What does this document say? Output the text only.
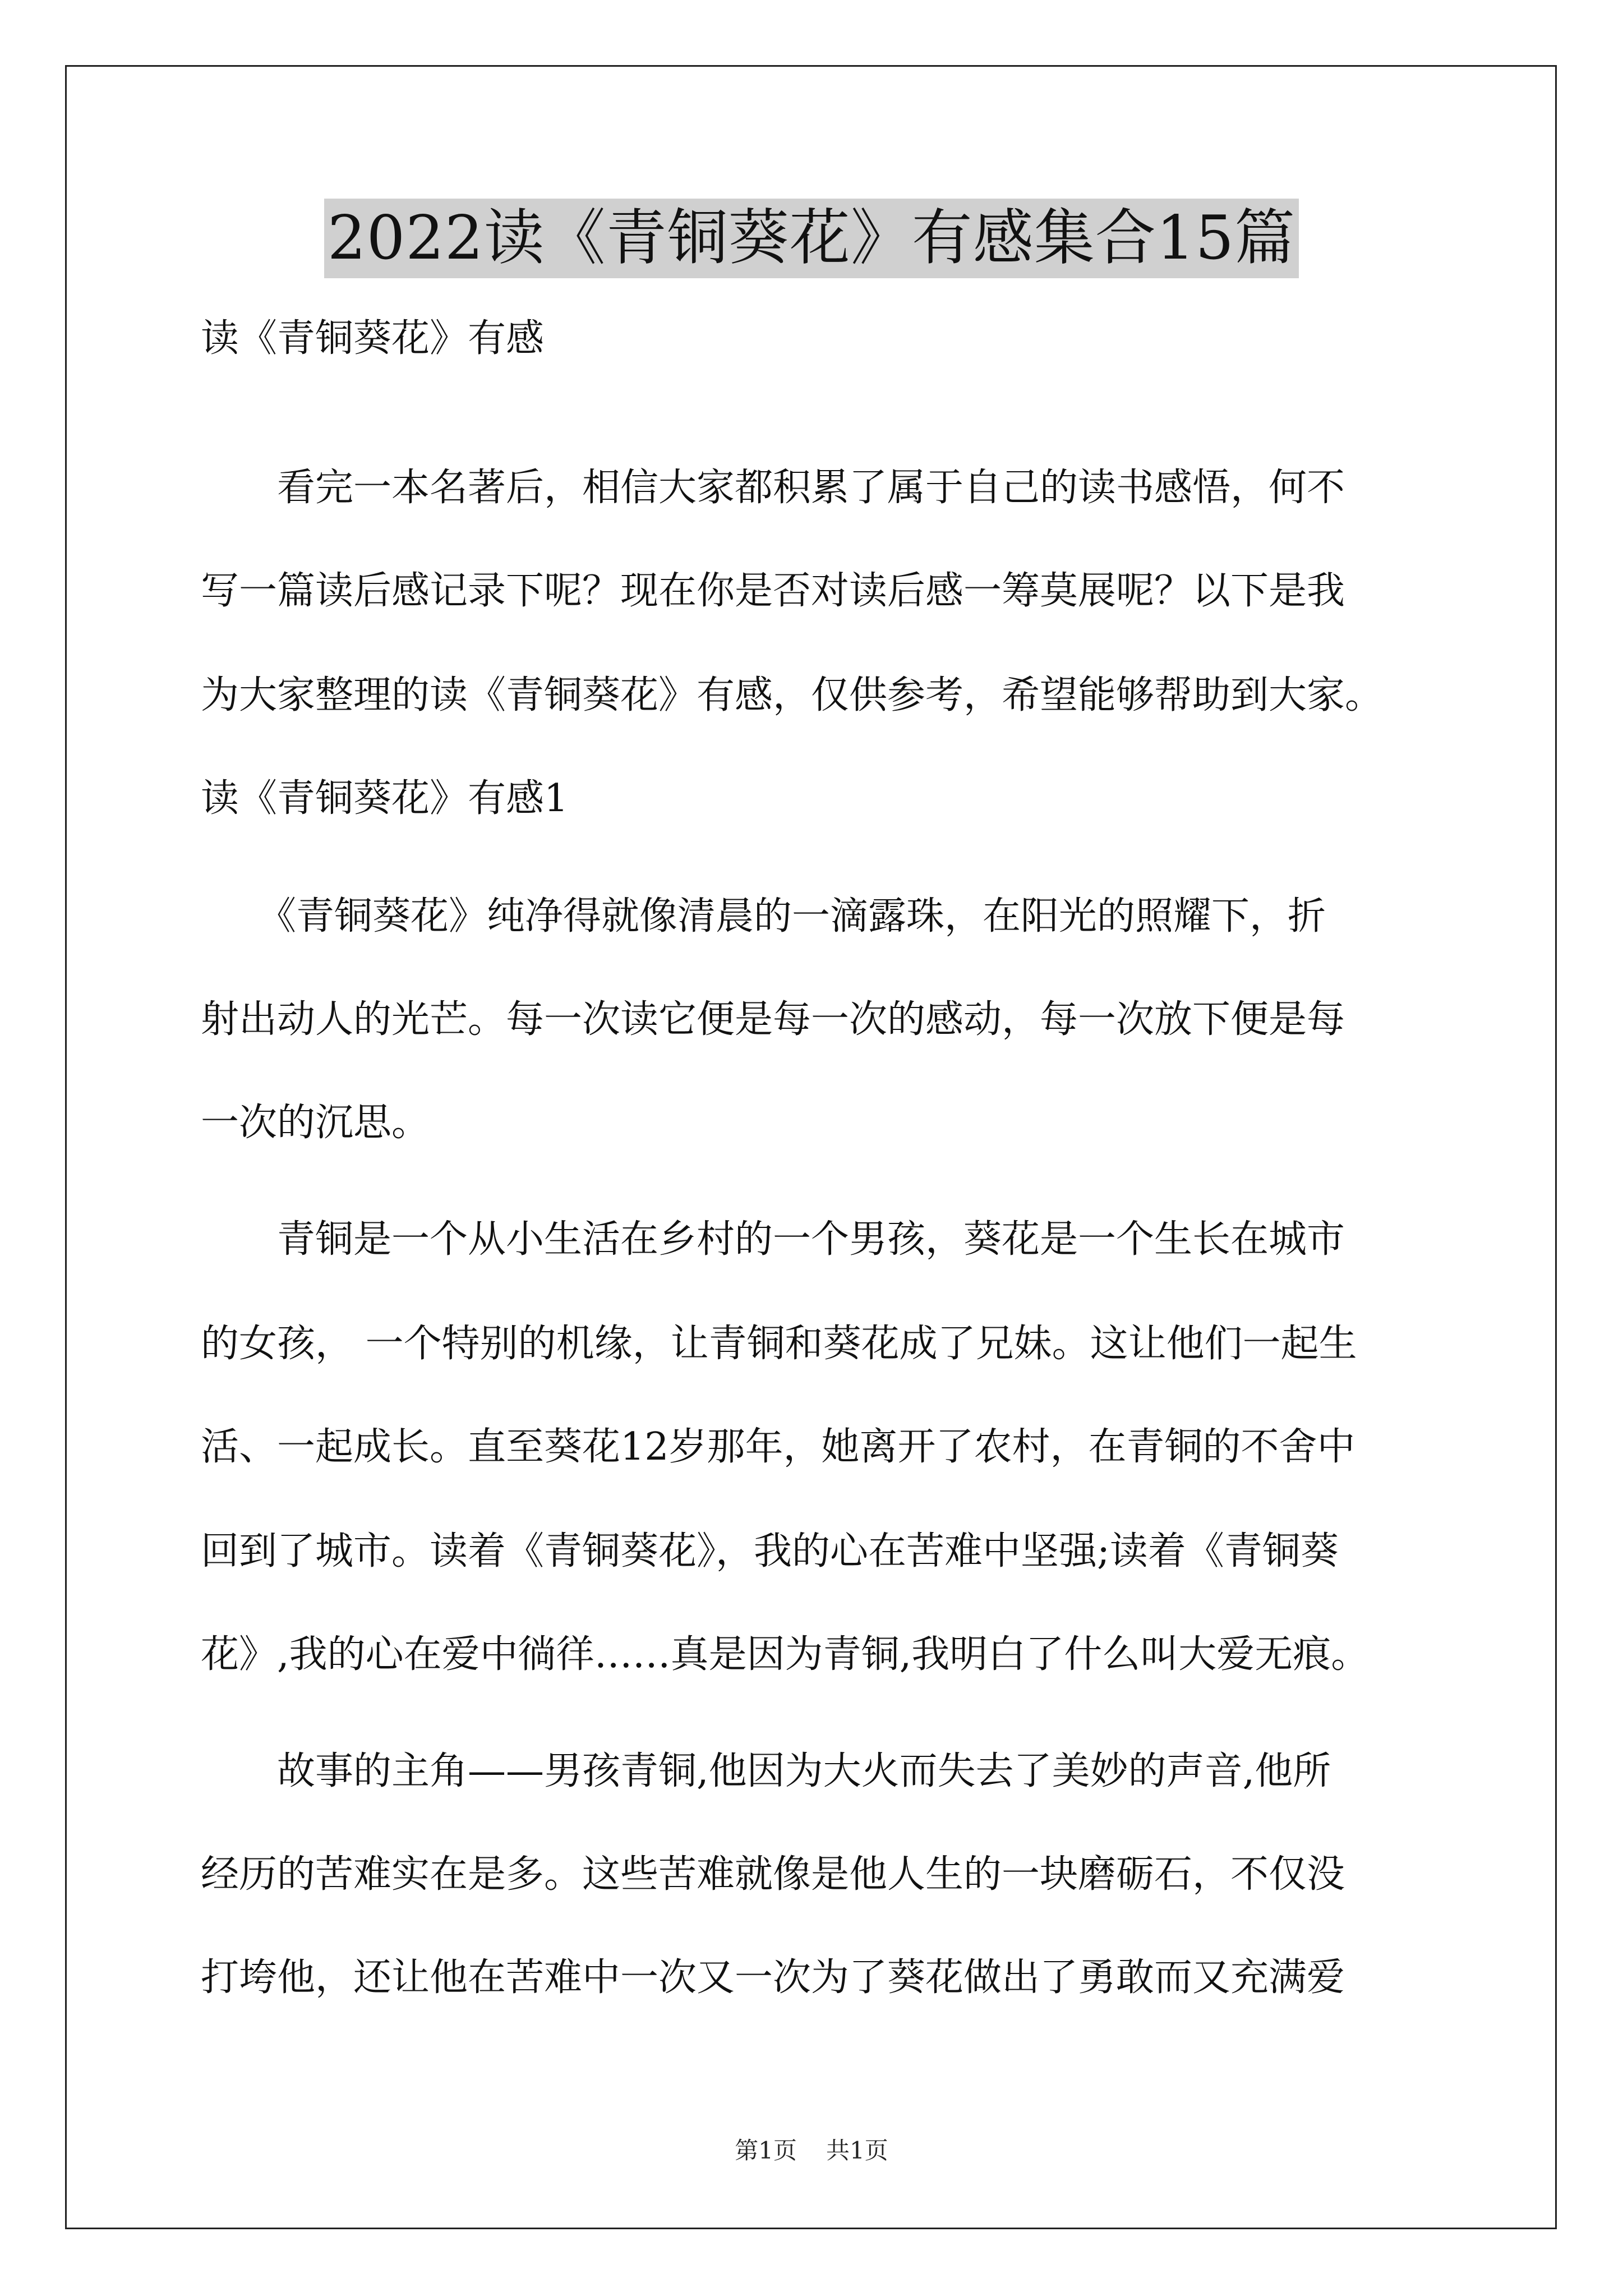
2022读《青铜葵花》有感集合15篇
读《青铜葵花》有感
　　看完一本名著后，相信大家都积累了属于自己的读书感悟，何不
写一篇读后感记录下呢？现在你是否对读后感一筹莫展呢？以下是我
为大家整理的读《青铜葵花》有感，仅供参考，希望能够帮助到大家。
读《青铜葵花》有感1
　　《青铜葵花》纯净得就像清晨的一滴露珠，在阳光的照耀下，折
射出动人的光芒。每一次读它便是每一次的感动，每一次放下便是每
一次的沉思。
　　青铜是一个从小生活在乡村的一个男孩，葵花是一个生长在城市
的女孩， 一个特别的机缘，让青铜和葵花成了兄妹。这让他们一起生
活、一起成长。直至葵花12岁那年，她离开了农村，在青铜的不舍中
回到了城市。读着《青铜葵花》，我的心在苦难中坚强;读着《青铜葵
花》,我的心在爱中徜徉……真是因为青铜,我明白了什么叫大爱无痕。
　　故事的主角——男孩青铜,他因为大火而失去了美妙的声音,他所
经历的苦难实在是多。这些苦难就像是他人生的一块磨砺石，不仅没
打垮他，还让他在苦难中一次又一次为了葵花做出了勇敢而又充满爱
第1页 共1页
